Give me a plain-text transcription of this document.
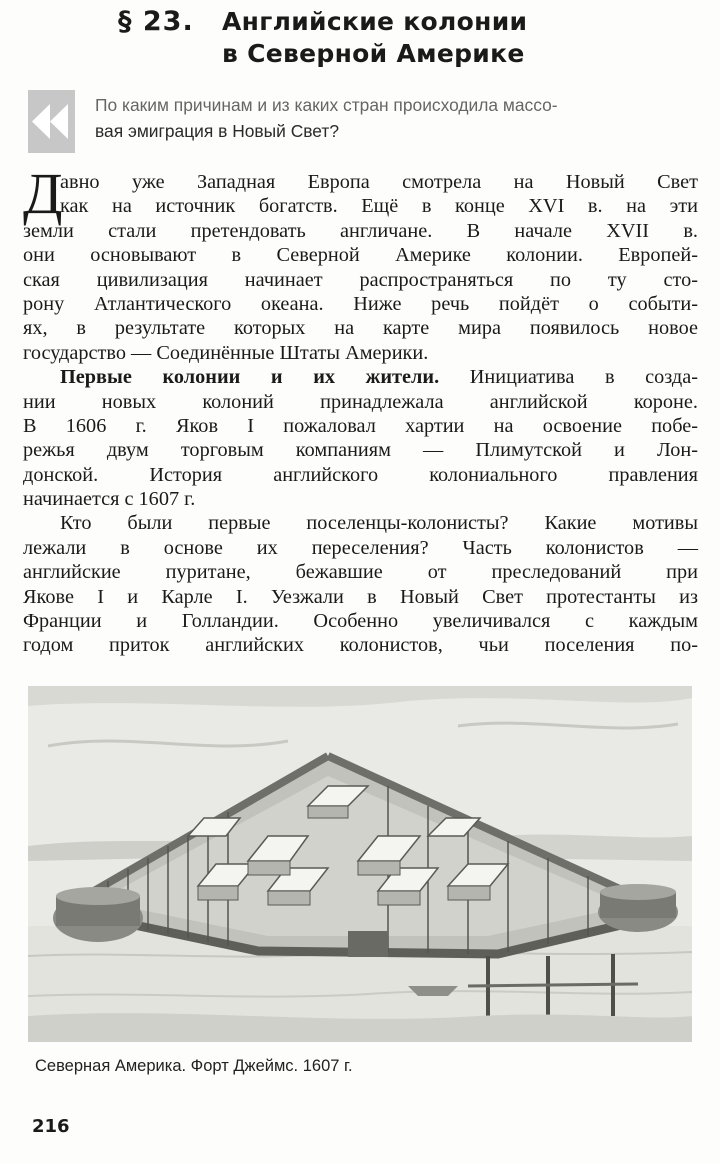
§ 23. Английские колонии
в Северной Америке
По каким причинам и из каких стран происходила массо-
вая эмиграция в Новый Свет?
Д
авно уже Западная Европа смотрела на Новый Свет
как на источник богатств. Ещё в конце XVI в. на эти
земли стали претендовать англичане. В начале XVII в.
они основывают в Северной Америке колонии. Европей-
ская цивилизация начинает распространяться по ту сто-
рону Атлантического океана. Ниже речь пойдёт о событи-
ях, в результате которых на карте мира появилось новое
государство — Соединённые Штаты Америки.
Первые колонии и их жители. Инициатива в созда-
нии новых колоний принадлежала английской короне.
В 1606 г. Яков I пожаловал хартии на освоение побе-
режья двум торговым компаниям — Плимутской и Лон-
донской. История английского колониального правления
начинается с 1607 г.
Кто были первые поселенцы-колонисты? Какие мотивы
лежали в основе их переселения? Часть колонистов —
английские пуритане, бежавшие от преследований при
Якове I и Карле I. Уезжали в Новый Свет протестанты из
Франции и Голландии. Особенно увеличивался с каждым
годом приток английских колонистов, чьи поселения по-
Северная Америка. Форт Джеймс. 1607 г.
216
